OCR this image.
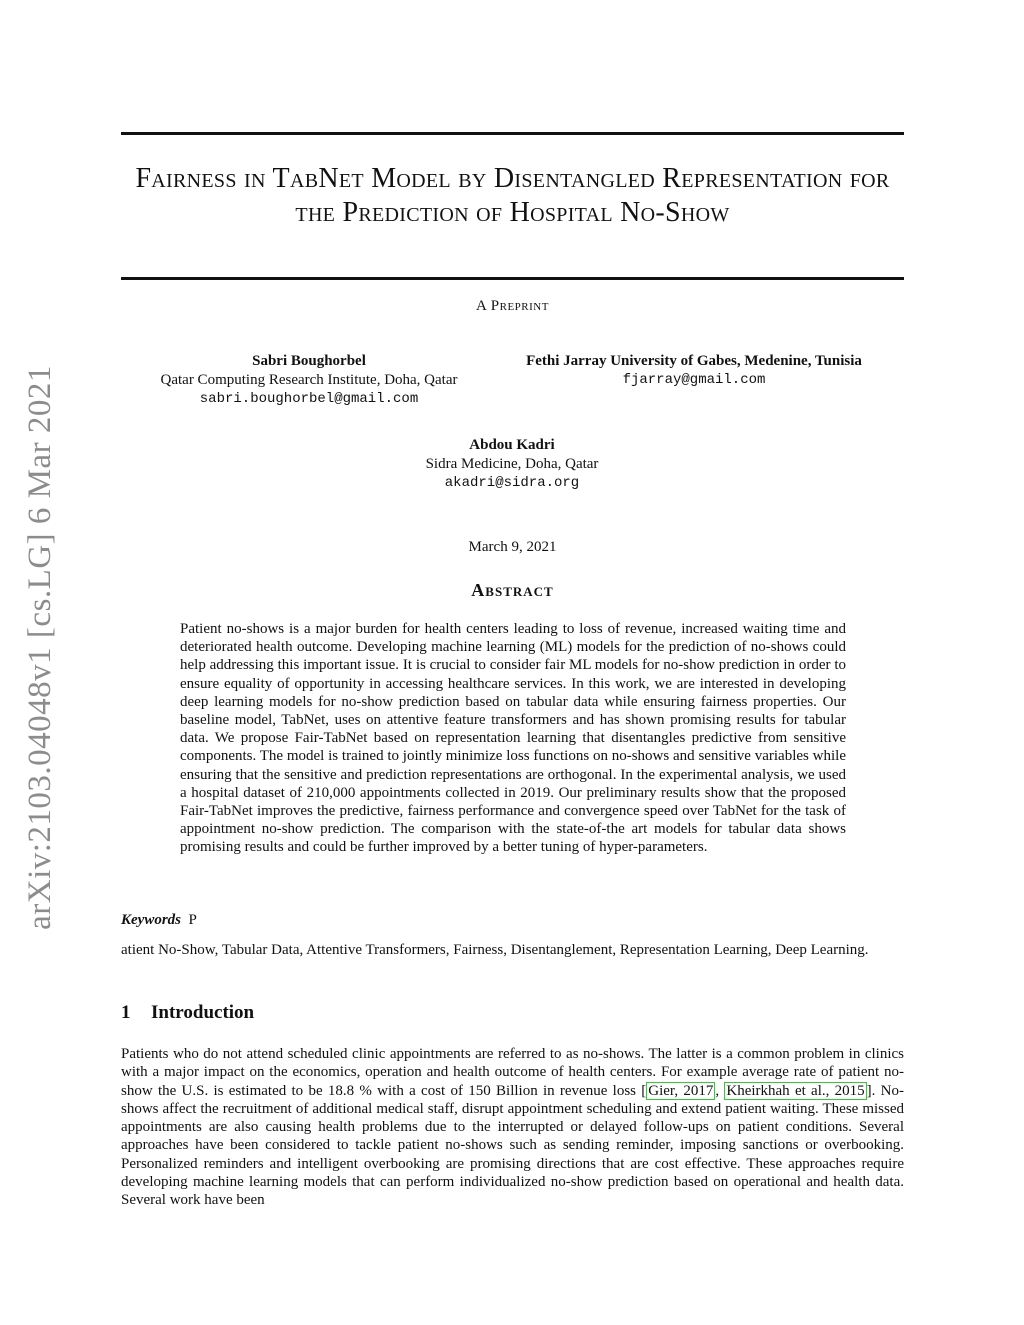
arXiv:2103.04048v1 [cs.LG] 6 Mar 2021
Fairness in TabNet Model by Disentangled Representation for the Prediction of Hospital No-Show
A Preprint
Sabri Boughorbel
Qatar Computing Research Institute, Doha, Qatar
sabri.boughorbel@gmail.com
Fethi Jarray University of Gabes, Medenine, Tunisia
fjarray@gmail.com
Abdou Kadri
Sidra Medicine, Doha, Qatar
akadri@sidra.org
March 9, 2021
Abstract

Patient no-shows is a major burden for health centers leading to loss of revenue, increased waiting time and deteriorated health outcome. Developing machine learning (ML) models for the prediction of no-shows could help addressing this important issue. It is crucial to consider fair ML models for no-show prediction in order to ensure equality of opportunity in accessing healthcare services. In this work, we are interested in developing deep learning models for no-show prediction based on tabular data while ensuring fairness properties. Our baseline model, TabNet, uses on attentive feature transformers and has shown promising results for tabular data. We propose Fair-TabNet based on representation learning that disentangles predictive from sensitive components. The model is trained to jointly minimize loss functions on no-shows and sensitive variables while ensuring that the sensitive and prediction representations are orthogonal. In the experimental analysis, we used a hospital dataset of 210,000 appointments collected in 2019. Our preliminary results show that the proposed Fair-TabNet improves the predictive, fairness performance and convergence speed over TabNet for the task of appointment no-show prediction. The comparison with the state-of-the art models for tabular data shows promising results and could be further improved by a better tuning of hyper-parameters.

Keywords P

atient No-Show, Tabular Data, Attentive Transformers, Fairness, Disentanglement, Representation Learning, Deep Learning.

1 Introduction

Patients who do not attend scheduled clinic appointments are referred to as no-shows. The latter is a common problem in clinics with a major impact on the economics, operation and health outcome of health centers. For example average rate of patient no-show the U.S. is estimated to be 18.8 % with a cost of 150 Billion in revenue loss [ Gier, 2017 , Kheirkhah et al., 2015 ]. No-shows affect the recruitment of additional medical staff, disrupt appointment scheduling and extend patient waiting. These missed appointments are also causing health problems due to the interrupted or delayed follow-ups on patient conditions. Several approaches have been considered to tackle patient no-shows such as sending reminder, imposing sanctions or overbooking. Personalized reminders and intelligent overbooking are promising directions that are cost effective. These approaches require developing machine learning models that can perform individualized no-show prediction based on operational and health data. Several work have been
